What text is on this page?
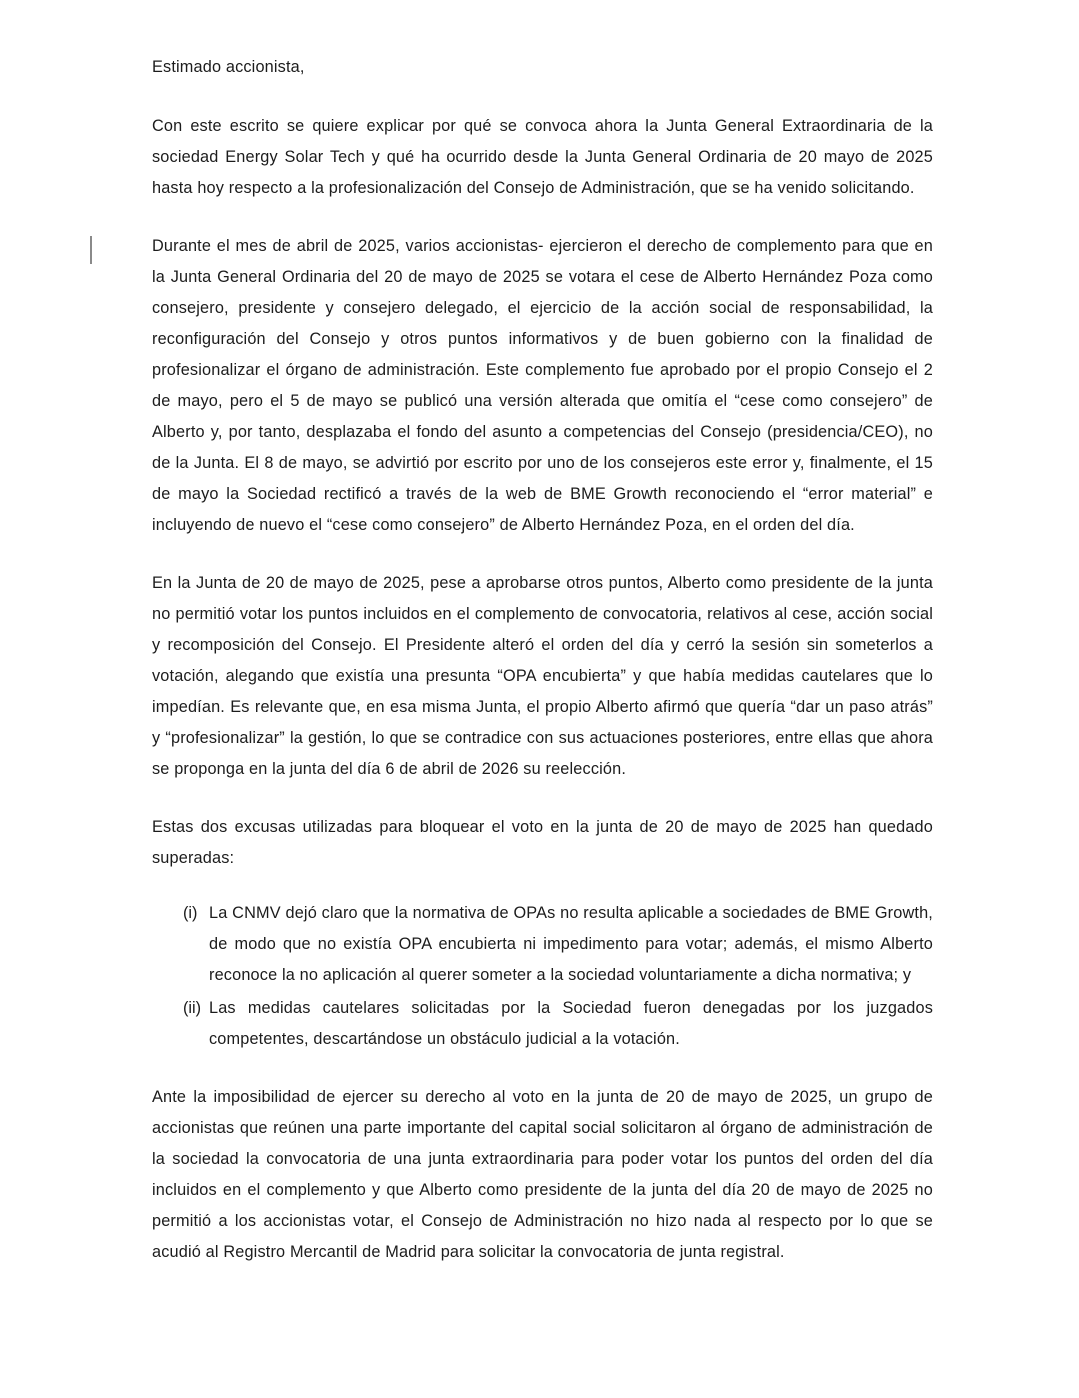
Estimado accionista,

Con este escrito se quiere explicar por qué se convoca ahora la Junta General Extraordinaria de la sociedad Energy Solar Tech y qué ha ocurrido desde la Junta General Ordinaria de 20 mayo de 2025 hasta hoy respecto a la profesionalización del Consejo de Administración, que se ha venido solicitando.

Durante el mes de abril de 2025, varios accionistas- ejercieron el derecho de complemento para que en la Junta General Ordinaria del 20 de mayo de 2025 se votara el cese de Alberto Hernández Poza como consejero, presidente y consejero delegado, el ejercicio de la acción social de responsabilidad, la reconfiguración del Consejo y otros puntos informativos y de buen gobierno con la finalidad de profesionalizar el órgano de administración. Este complemento fue aprobado por el propio Consejo el 2 de mayo, pero el 5 de mayo se publicó una versión alterada que omitía el “cese como consejero” de Alberto y, por tanto, desplazaba el fondo del asunto a competencias del Consejo (presidencia/CEO), no de la Junta. El 8 de mayo, se advirtió por escrito por uno de los consejeros este error y, finalmente, el 15 de mayo la Sociedad rectificó a través de la web de BME Growth reconociendo el “error material” e incluyendo de nuevo el “cese como consejero” de Alberto Hernández Poza, en el orden del día.

En la Junta de 20 de mayo de 2025, pese a aprobarse otros puntos, Alberto como presidente de la junta no permitió votar los puntos incluidos en el complemento de convocatoria, relativos al cese, acción social y recomposición del Consejo. El Presidente alteró el orden del día y cerró la sesión sin someterlos a votación, alegando que existía una presunta “OPA encubierta” y que había medidas cautelares que lo impedían. Es relevante que, en esa misma Junta, el propio Alberto afirmó que quería “dar un paso atrás” y “profesionalizar” la gestión, lo que se contradice con sus actuaciones posteriores, entre ellas que ahora se proponga en la junta del día 6 de abril de 2026 su reelección.

Estas dos excusas utilizadas para bloquear el voto en la junta de 20 de mayo de 2025 han quedado superadas:

(i) La CNMV dejó claro que la normativa de OPAs no resulta aplicable a sociedades de BME Growth, de modo que no existía OPA encubierta ni impedimento para votar; además, el mismo Alberto reconoce la no aplicación al querer someter a la sociedad voluntariamente a dicha normativa; y
(ii) Las medidas cautelares solicitadas por la Sociedad fueron denegadas por los juzgados competentes, descartándose un obstáculo judicial a la votación.

Ante la imposibilidad de ejercer su derecho al voto en la junta de 20 de mayo de 2025, un grupo de accionistas que reúnen una parte importante del capital social solicitaron al órgano de administración de la sociedad la convocatoria de una junta extraordinaria para poder votar los puntos del orden del día incluidos en el complemento y que Alberto como presidente de la junta del día 20 de mayo de 2025 no permitió a los accionistas votar, el Consejo de Administración no hizo nada al respecto por lo que se acudió al Registro Mercantil de Madrid para solicitar la convocatoria de junta registral.
